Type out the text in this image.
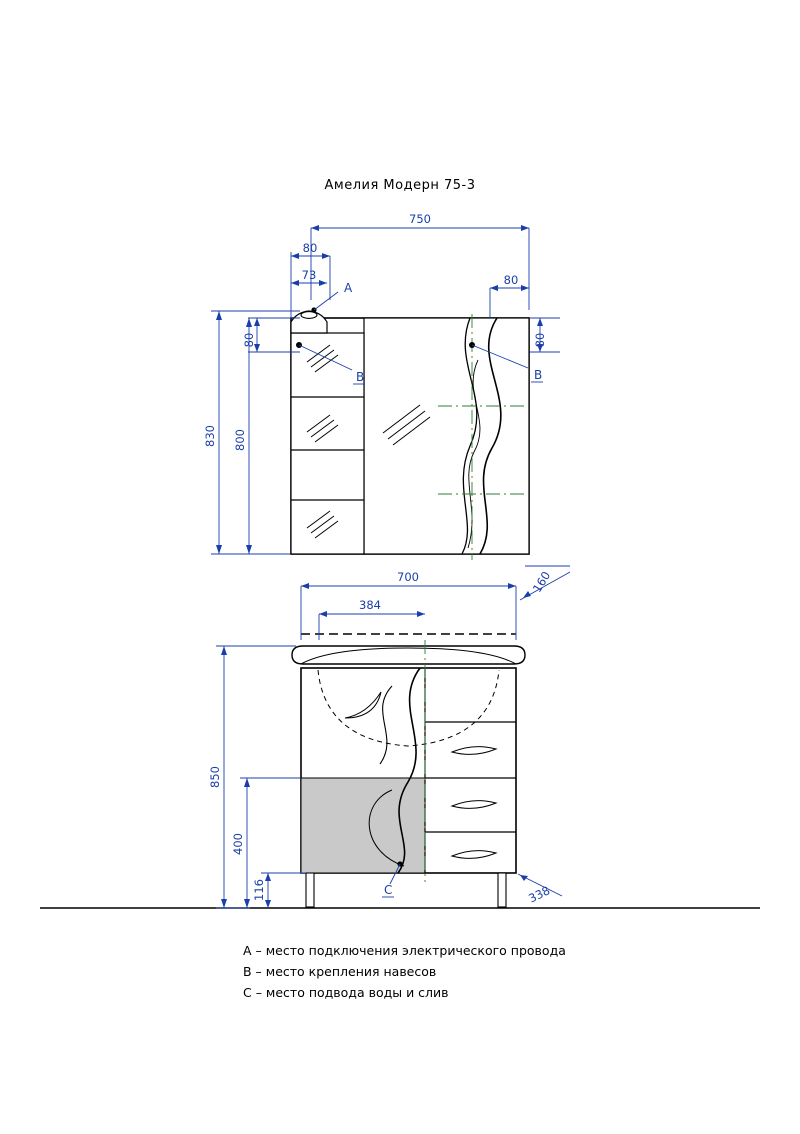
Амелия Модерн 75-3
750
80
73	80
80	80
830 800
A
B	B
700
384
160
338
850
400
116	C
A – место подключения электрического провода
B – место крепления навесов
C – место подвода воды и слив
